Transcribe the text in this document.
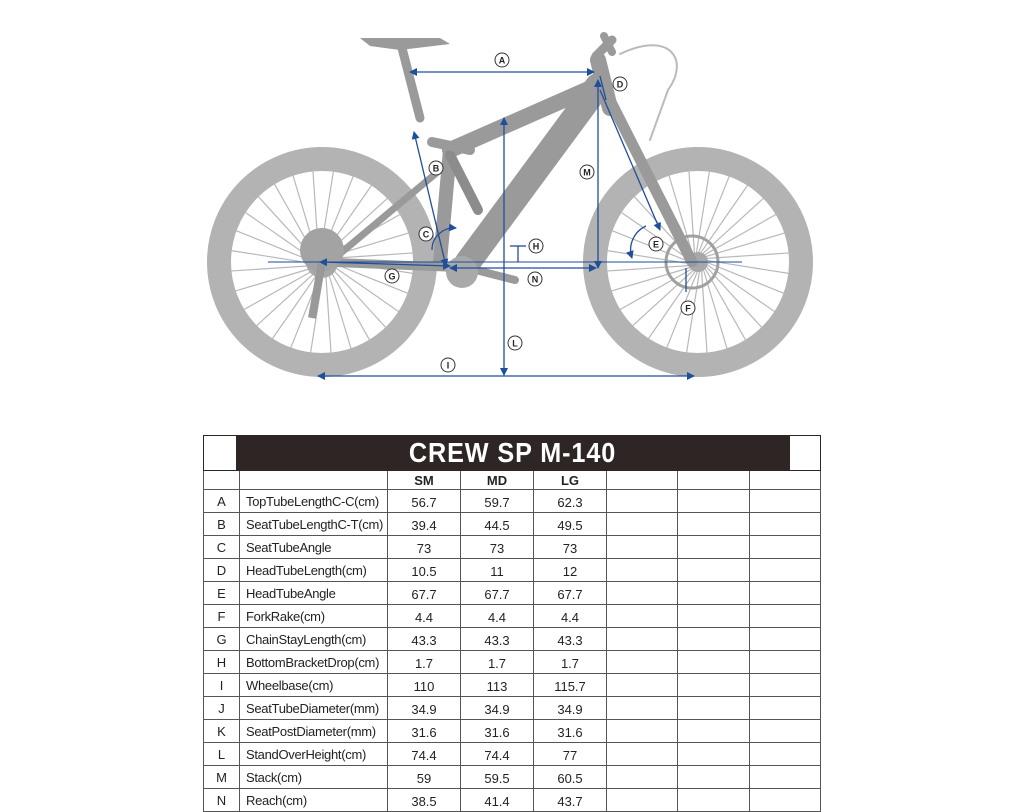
A
B
C
D
E
F
G
H
I
L
M
N
CREW SP M-140							
		SM	MD	LG			
A	TopTubeLengthC-C(cm)	56.7	59.7	62.3			
B	SeatTubeLengthC-T(cm)	39.4	44.5	49.5			
C	SeatTubeAngle	73	73	73			
D	HeadTubeLength(cm)	10.5	11	12			
E	HeadTubeAngle	67.7	67.7	67.7			
F	ForkRake(cm)	4.4	4.4	4.4			
G	ChainStayLength(cm)	43.3	43.3	43.3			
H	BottomBracketDrop(cm)	1.7	1.7	1.7			
I	Wheelbase(cm)	110	113	115.7			
J	SeatTubeDiameter(mm)	34.9	34.9	34.9			
K	SeatPostDiameter(mm)	31.6	31.6	31.6			
L	StandOverHeight(cm)	74.4	74.4	77			
M	Stack(cm)	59	59.5	60.5			
N	Reach(cm)	38.5	41.4	43.7			
